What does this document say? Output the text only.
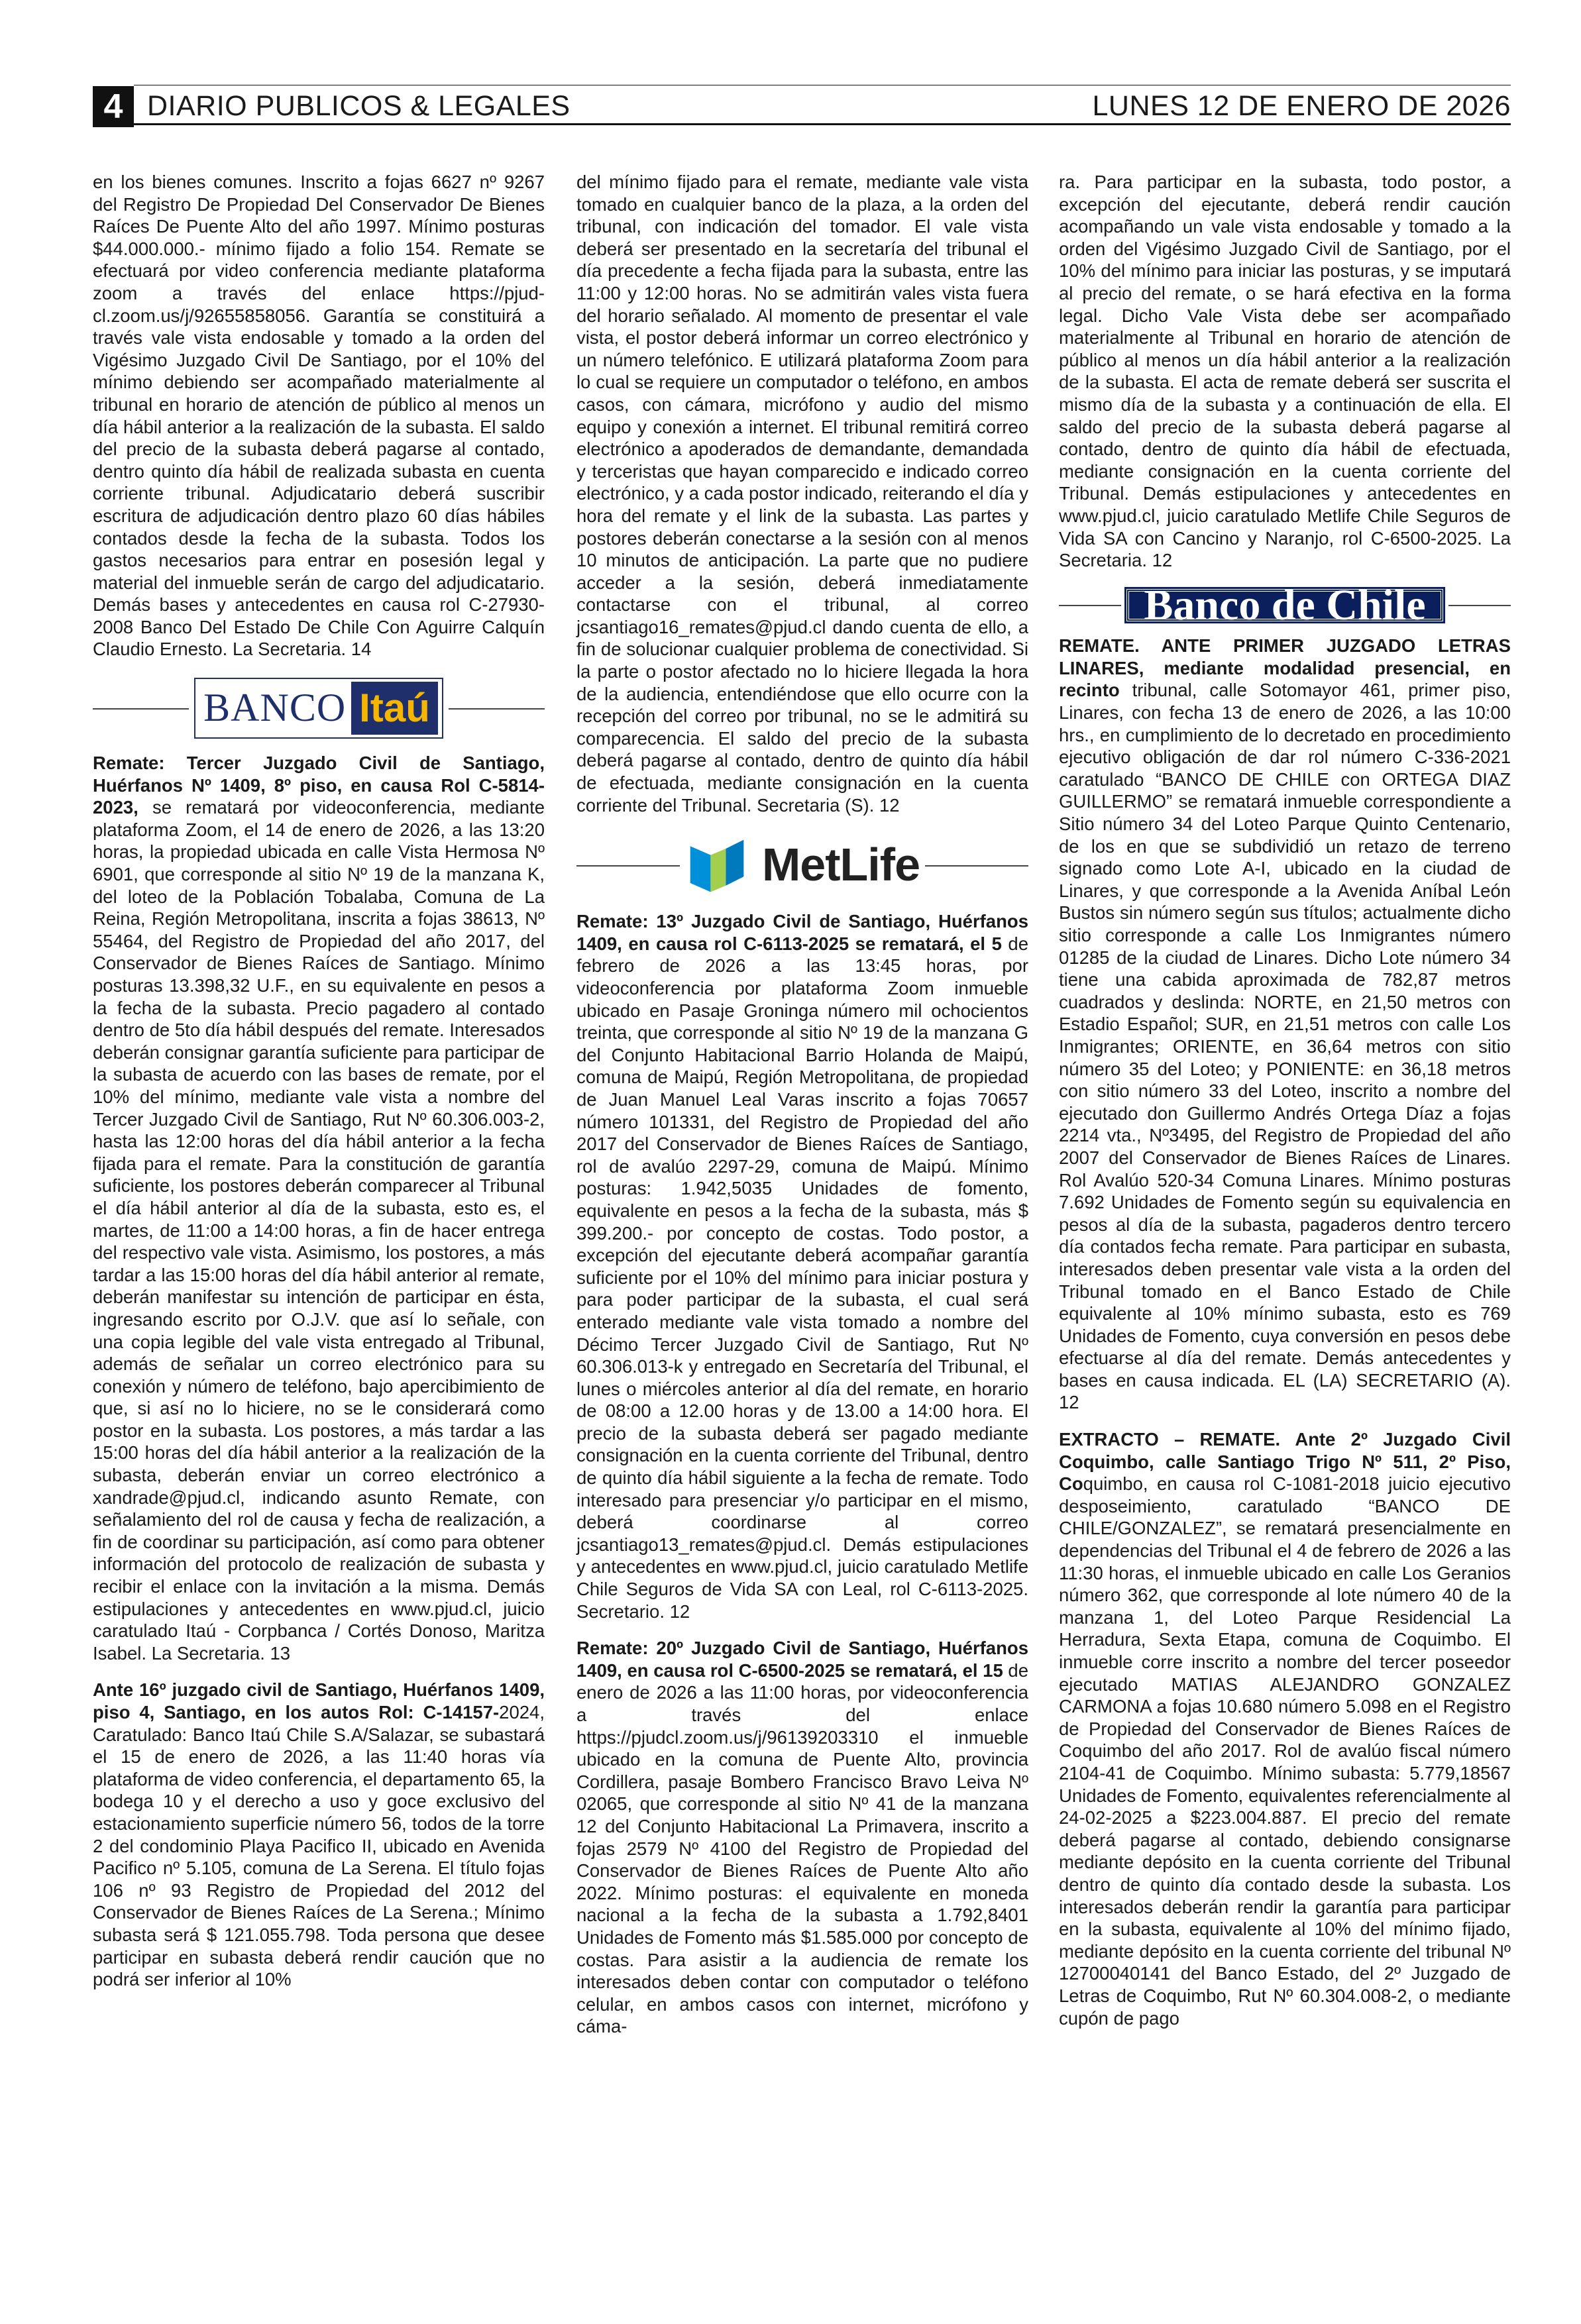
4 DIARIO PUBLICOS & LEGALES	LUNES 12 DE ENERO DE 2026

en los bienes comunes. Inscrito a fojas 6627 nº 9267 del Registro De Propiedad Del Conservador De Bienes Raíces De Puente Alto del año 1997. Mínimo posturas $44.000.000.- mínimo fijado a folio 154. Remate se efectuará por video conferencia mediante plataforma zoom a través del enlace https://pjud-cl.zoom.us/j/92655858056. Garantía se constituirá a través vale vista endosable y tomado a la orden del Vigésimo Juzgado Civil De Santiago, por el 10% del mínimo debiendo ser acompañado materialmente al tribunal en horario de atención de público al menos un día hábil anterior a la realización de la subasta. El saldo del precio de la subasta deberá pagarse al contado, dentro quinto día hábil de realizada subasta en cuenta corriente tribunal. Adjudicatario deberá suscribir escritura de adjudicación dentro plazo 60 días hábiles contados desde la fecha de la subasta. Todos los gastos necesarios para entrar en posesión legal y material del inmueble serán de cargo del adjudicatario. Demás bases y antecedentes en causa rol C-27930-2008 Banco Del Estado De Chile Con Aguirre Calquín Claudio Ernesto. La Secretaria. 14

BANCO Itaú

Remate: Tercer Juzgado Civil de Santiago, Huérfanos Nº 1409, 8º piso, en causa Rol C-5814-2023, se rematará por videoconferencia, mediante plataforma Zoom, el 14 de enero de 2026, a las 13:20 horas, la propiedad ubicada en calle Vista Hermosa Nº 6901, que corresponde al sitio Nº 19 de la manzana K, del loteo de la Población Tobalaba, Comuna de La Reina, Región Metropolitana, inscrita a fojas 38613, Nº 55464, del Registro de Propiedad del año 2017, del Conservador de Bienes Raíces de Santiago. Mínimo posturas 13.398,32 U.F., en su equivalente en pesos a la fecha de la subasta. Precio pagadero al contado dentro de 5to día hábil después del remate. Interesados deberán consignar garantía suficiente para participar de la subasta de acuerdo con las bases de remate, por el 10% del mínimo, mediante vale vista a nombre del Tercer Juzgado Civil de Santiago, Rut Nº 60.306.003-2, hasta las 12:00 horas del día hábil anterior a la fecha fijada para el remate. Para la constitución de garantía suficiente, los postores deberán comparecer al Tribunal el día hábil anterior al día de la subasta, esto es, el martes, de 11:00 a 14:00 horas, a fin de hacer entrega del respectivo vale vista. Asimismo, los postores, a más tardar a las 15:00 horas del día hábil anterior al remate, deberán manifestar su intención de participar en ésta, ingresando escrito por O.J.V. que así lo señale, con una copia legible del vale vista entregado al Tribunal, además de señalar un correo electrónico para su conexión y número de teléfono, bajo apercibimiento de que, si así no lo hiciere, no se le considerará como postor en la subasta. Los postores, a más tardar a las 15:00 horas del día hábil anterior a la realización de la subasta, deberán enviar un correo electrónico a xandrade@pjud.cl, indicando asunto Remate, con señalamiento del rol de causa y fecha de realización, a fin de coordinar su participación, así como para obtener información del protocolo de realización de subasta y recibir el enlace con la invitación a la misma. Demás estipulaciones y antecedentes en www.pjud.cl, juicio caratulado Itaú - Corpbanca / Cortés Donoso, Maritza Isabel. La Secretaria. 13

Ante 16º juzgado civil de Santiago, Huérfanos 1409, piso 4, Santiago, en los autos Rol: C-14157-2024, Caratulado: Banco Itaú Chile S.A/Salazar, se subastará el 15 de enero de 2026, a las 11:40 horas vía plataforma de video conferencia, el departamento 65, la bodega 10 y el derecho a uso y goce exclusivo del estacionamiento superficie número 56, todos de la torre 2 del condominio Playa Pacifico II, ubicado en Avenida Pacifico nº 5.105, comuna de La Serena. El título fojas 106 nº 93 Registro de Propiedad del 2012 del Conservador de Bienes Raíces de La Serena.; Mínimo subasta será $ 121.055.798. Toda persona que desee participar en subasta deberá rendir caución que no podrá ser inferior al 10%

del mínimo fijado para el remate, mediante vale vista tomado en cualquier banco de la plaza, a la orden del tribunal, con indicación del tomador. El vale vista deberá ser presentado en la secretaría del tribunal el día precedente a fecha fijada para la subasta, entre las 11:00 y 12:00 horas. No se admitirán vales vista fuera del horario señalado. Al momento de presentar el vale vista, el postor deberá informar un correo electrónico y un número telefónico. E utilizará plataforma Zoom para lo cual se requiere un computador o teléfono, en ambos casos, con cámara, micrófono y audio del mismo equipo y conexión a internet. El tribunal remitirá correo electrónico a apoderados de demandante, demandada y terceristas que hayan comparecido e indicado correo electrónico, y a cada postor indicado, reiterando el día y hora del remate y el link de la subasta. Las partes y postores deberán conectarse a la sesión con al menos 10 minutos de anticipación. La parte que no pudiere acceder a la sesión, deberá inmediatamente contactarse con el tribunal, al correo jcsantiago16_remates@pjud.cl dando cuenta de ello, a fin de solucionar cualquier problema de conectividad. Si la parte o postor afectado no lo hiciere llegada la hora de la audiencia, entendiéndose que ello ocurre con la recepción del correo por tribunal, no se le admitirá su comparecencia. El saldo del precio de la subasta deberá pagarse al contado, dentro de quinto día hábil de efectuada, mediante consignación en la cuenta corriente del Tribunal. Secretaria (S). 12

MetLife

Remate: 13º Juzgado Civil de Santiago, Huérfanos 1409, en causa rol C-6113-2025 se rematará, el 5 de febrero de 2026 a las 13:45 horas, por videoconferencia por plataforma Zoom inmueble ubicado en Pasaje Groninga número mil ochocientos treinta, que corresponde al sitio Nº 19 de la manzana G del Conjunto Habitacional Barrio Holanda de Maipú, comuna de Maipú, Región Metropolitana, de propiedad de Juan Manuel Leal Varas inscrito a fojas 70657 número 101331, del Registro de Propiedad del año 2017 del Conservador de Bienes Raíces de Santiago, rol de avalúo 2297-29, comuna de Maipú. Mínimo posturas: 1.942,5035 Unidades de fomento, equivalente en pesos a la fecha de la subasta, más $ 399.200.- por concepto de costas. Todo postor, a excepción del ejecutante deberá acompañar garantía suficiente por el 10% del mínimo para iniciar postura y para poder participar de la subasta, el cual será enterado mediante vale vista tomado a nombre del Décimo Tercer Juzgado Civil de Santiago, Rut Nº 60.306.013-k y entregado en Secretaría del Tribunal, el lunes o miércoles anterior al día del remate, en horario de 08:00 a 12.00 horas y de 13.00 a 14:00 hora. El precio de la subasta deberá ser pagado mediante consignación en la cuenta corriente del Tribunal, dentro de quinto día hábil siguiente a la fecha de remate. Todo interesado para presenciar y/o participar en el mismo, deberá coordinarse al correo jcsantiago13_remates@pjud.cl. Demás estipulaciones y antecedentes en www.pjud.cl, juicio caratulado Metlife Chile Seguros de Vida SA con Leal, rol C-6113-2025. Secretario. 12

Remate: 20º Juzgado Civil de Santiago, Huérfanos 1409, en causa rol C-6500-2025 se rematará, el 15 de enero de 2026 a las 11:00 horas, por videoconferencia a través del enlace https://pjudcl.zoom.us/j/96139203310 el inmueble ubicado en la comuna de Puente Alto, provincia Cordillera, pasaje Bombero Francisco Bravo Leiva Nº 02065, que corresponde al sitio Nº 41 de la manzana 12 del Conjunto Habitacional La Primavera, inscrito a fojas 2579 Nº 4100 del Registro de Propiedad del Conservador de Bienes Raíces de Puente Alto año 2022. Mínimo posturas: el equivalente en moneda nacional a la fecha de la subasta a 1.792,8401 Unidades de Fomento más $1.585.000 por concepto de costas. Para asistir a la audiencia de remate los interesados deben contar con computador o teléfono celular, en ambos casos con internet, micrófono y cáma-

ra. Para participar en la subasta, todo postor, a excepción del ejecutante, deberá rendir caución acompañando un vale vista endosable y tomado a la orden del Vigésimo Juzgado Civil de Santiago, por el 10% del mínimo para iniciar las posturas, y se imputará al precio del remate, o se hará efectiva en la forma legal. Dicho Vale Vista debe ser acompañado materialmente al Tribunal en horario de atención de público al menos un día hábil anterior a la realización de la subasta. El acta de remate deberá ser suscrita el mismo día de la subasta y a continuación de ella. El saldo del precio de la subasta deberá pagarse al contado, dentro de quinto día hábil de efectuada, mediante consignación en la cuenta corriente del Tribunal. Demás estipulaciones y antecedentes en www.pjud.cl, juicio caratulado Metlife Chile Seguros de Vida SA con Cancino y Naranjo, rol C-6500-2025. La Secretaria. 12

Banco de Chile

REMATE. ANTE PRIMER JUZGADO LETRAS LINARES, mediante modalidad presencial, en recinto tribunal, calle Sotomayor 461, primer piso, Linares, con fecha 13 de enero de 2026, a las 10:00 hrs., en cumplimiento de lo decretado en procedimiento ejecutivo obligación de dar rol número C-336-2021 caratulado “BANCO DE CHILE con ORTEGA DIAZ GUILLERMO” se rematará inmueble correspondiente a Sitio número 34 del Loteo Parque Quinto Centenario, de los en que se subdividió un retazo de terreno signado como Lote A-I, ubicado en la ciudad de Linares, y que corresponde a la Avenida Aníbal León Bustos sin número según sus títulos; actualmente dicho sitio corresponde a calle Los Inmigrantes número 01285 de la ciudad de Linares. Dicho Lote número 34 tiene una cabida aproximada de 782,87 metros cuadrados y deslinda: NORTE, en 21,50 metros con Estadio Español; SUR, en 21,51 metros con calle Los Inmigrantes; ORIENTE, en 36,64 metros con sitio número 35 del Loteo; y PONIENTE: en 36,18 metros con sitio número 33 del Loteo, inscrito a nombre del ejecutado don Guillermo Andrés Ortega Díaz a fojas 2214 vta., Nº3495, del Registro de Propiedad del año 2007 del Conservador de Bienes Raíces de Linares. Rol Avalúo 520-34 Comuna Linares. Mínimo posturas 7.692 Unidades de Fomento según su equivalencia en pesos al día de la subasta, pagaderos dentro tercero día contados fecha remate. Para participar en subasta, interesados deben presentar vale vista a la orden del Tribunal tomado en el Banco Estado de Chile equivalente al 10% mínimo subasta, esto es 769 Unidades de Fomento, cuya conversión en pesos debe efectuarse al día del remate. Demás antecedentes y bases en causa indicada. EL (LA) SECRETARIO (A). 12

EXTRACTO – REMATE. Ante 2º Juzgado Civil Coquimbo, calle Santiago Trigo Nº 511, 2º Piso, Coquimbo, en causa rol C-1081-2018 juicio ejecutivo desposeimiento, caratulado “BANCO DE CHILE/GONZALEZ”, se rematará presencialmente en dependencias del Tribunal el 4 de febrero de 2026 a las 11:30 horas, el inmueble ubicado en calle Los Geranios número 362, que corresponde al lote número 40 de la manzana 1, del Loteo Parque Residencial La Herradura, Sexta Etapa, comuna de Coquimbo. El inmueble corre inscrito a nombre del tercer poseedor ejecutado MATIAS ALEJANDRO GONZALEZ CARMONA a fojas 10.680 número 5.098 en el Registro de Propiedad del Conservador de Bienes Raíces de Coquimbo del año 2017. Rol de avalúo fiscal número 2104-41 de Coquimbo. Mínimo subasta: 5.779,18567 Unidades de Fomento, equivalentes referencialmente al 24-02-2025 a $223.004.887. El precio del remate deberá pagarse al contado, debiendo consignarse mediante depósito en la cuenta corriente del Tribunal dentro de quinto día contado desde la subasta. Los interesados deberán rendir la garantía para participar en la subasta, equivalente al 10% del mínimo fijado, mediante depósito en la cuenta corriente del tribunal Nº 12700040141 del Banco Estado, del 2º Juzgado de Letras de Coquimbo, Rut Nº 60.304.008-2, o mediante cupón de pago
